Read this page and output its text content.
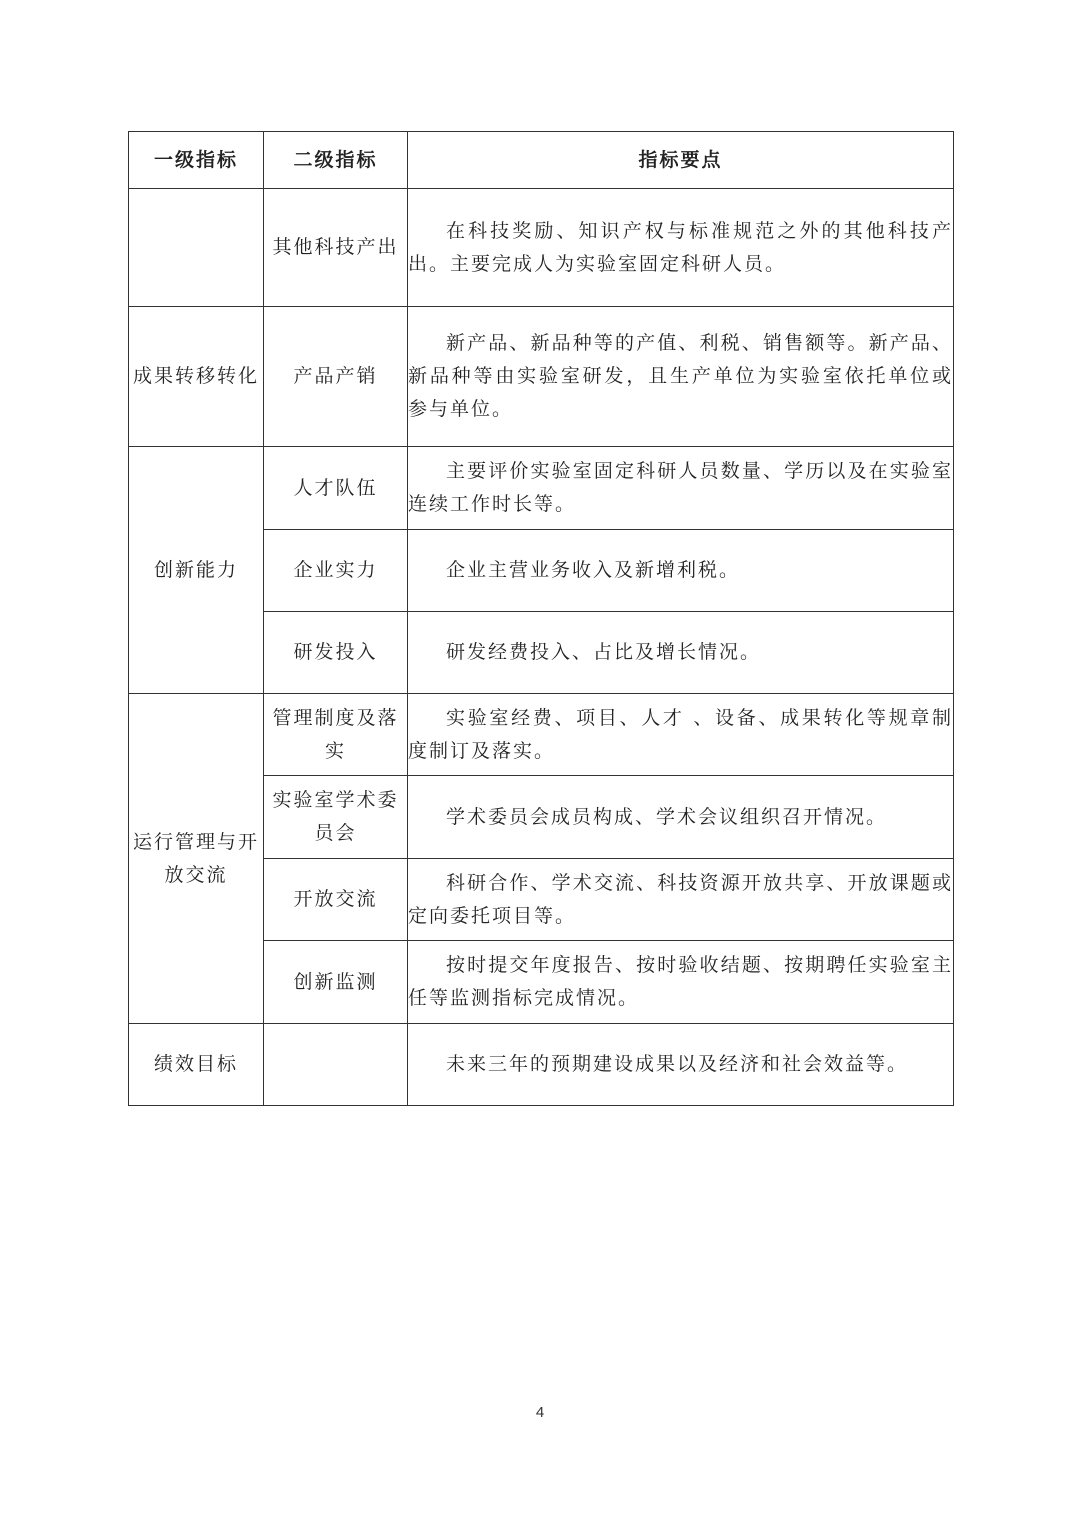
一级指标	二级指标	指标要点
	其他科技产出	在科技奖励、知识产权与标准规范之外的其他科技产出。主要完成人为实验室固定科研人员。

成果转移转化	产品产销	新产品、新品种等的产值、利税、销售额等。新产品、新品种等由实验室研发，且生产单位为实验室依托单位或参与单位。

创新能力	人才队伍	主要评价实验室固定科研人员数量、学历以及在实验室连续工作时长等。

	企业实力	企业主营业务收入及新增利税。

	研发投入	研发经费投入、占比及增长情况。

运行管理与开放交流	管理制度及落实	实验室经费、项目、人才 、设备、成果转化等规章制度制订及落实。

	实验室学术委员会	学术委员会成员构成、学术会议组织召开情况。

	开放交流	科研合作、学术交流、科技资源开放共享、开放课题或定向委托项目等。

	创新监测	按时提交年度报告、按时验收结题、按期聘任实验室主任等监测指标完成情况。

绩效目标		未来三年的预期建设成果以及经济和社会效益等。
4
